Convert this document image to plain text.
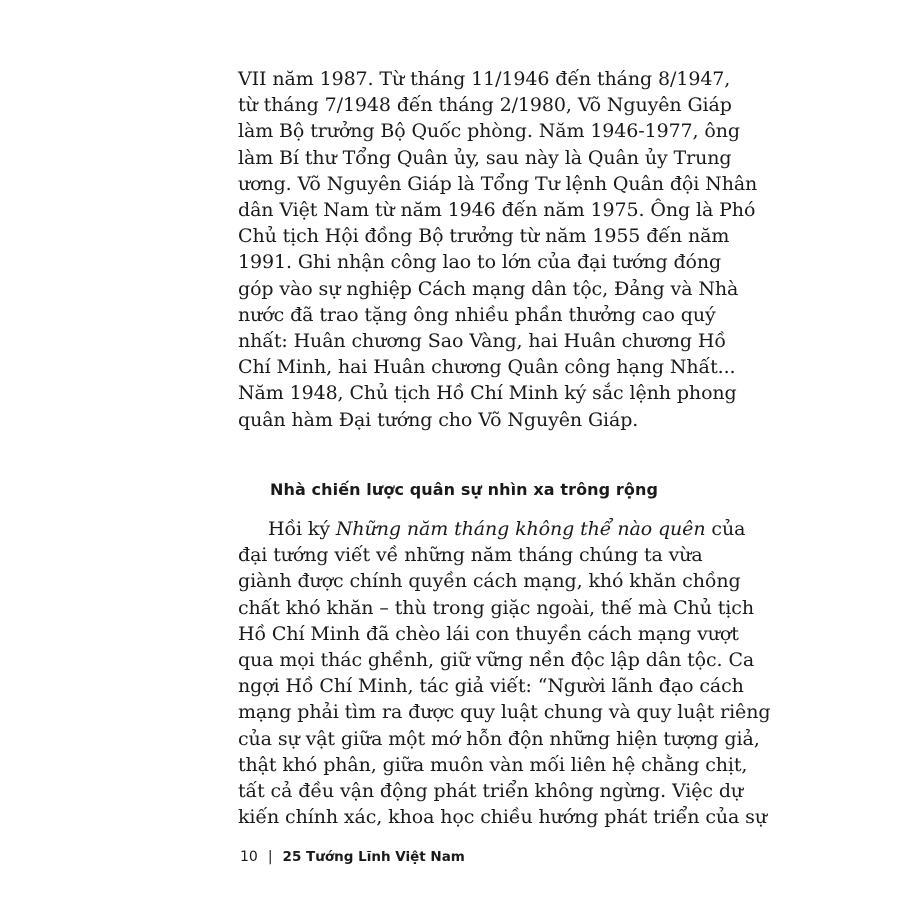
VII năm 1987. Từ tháng 11/1946 đến tháng 8/1947,
từ tháng 7/1948 đến tháng 2/1980, Võ Nguyên Giáp
làm Bộ trưởng Bộ Quốc phòng. Năm 1946-1977, ông
làm Bí thư Tổng Quân ủy, sau này là Quân ủy Trung
ương. Võ Nguyên Giáp là Tổng Tư lệnh Quân đội Nhân
dân Việt Nam từ năm 1946 đến năm 1975. Ông là Phó
Chủ tịch Hội đồng Bộ trưởng từ năm 1955 đến năm
1991. Ghi nhận công lao to lớn của đại tướng đóng
góp vào sự nghiệp Cách mạng dân tộc, Đảng và Nhà
nước đã trao tặng ông nhiều phần thưởng cao quý
nhất: Huân chương Sao Vàng, hai Huân chương Hồ
Chí Minh, hai Huân chương Quân công hạng Nhất...
Năm 1948, Chủ tịch Hồ Chí Minh ký sắc lệnh phong
quân hàm Đại tướng cho Võ Nguyên Giáp.
Nhà chiến lược quân sự nhìn xa trông rộng
Hồi ký Những năm tháng không thể nào quên của
đại tướng viết về những năm tháng chúng ta vừa
giành được chính quyền cách mạng, khó khăn chồng
chất khó khăn – thù trong giặc ngoài, thế mà Chủ tịch
Hồ Chí Minh đã chèo lái con thuyền cách mạng vượt
qua mọi thác ghềnh, giữ vững nền độc lập dân tộc. Ca
ngợi Hồ Chí Minh, tác giả viết: “Người lãnh đạo cách
mạng phải tìm ra được quy luật chung và quy luật riêng
của sự vật giữa một mớ hỗn độn những hiện tượng giả,
thật khó phân, giữa muôn vàn mối liên hệ chằng chịt,
tất cả đều vận động phát triển không ngừng. Việc dự
kiến chính xác, khoa học chiều hướng phát triển của sự
10 | 25 Tướng Lĩnh Việt Nam
